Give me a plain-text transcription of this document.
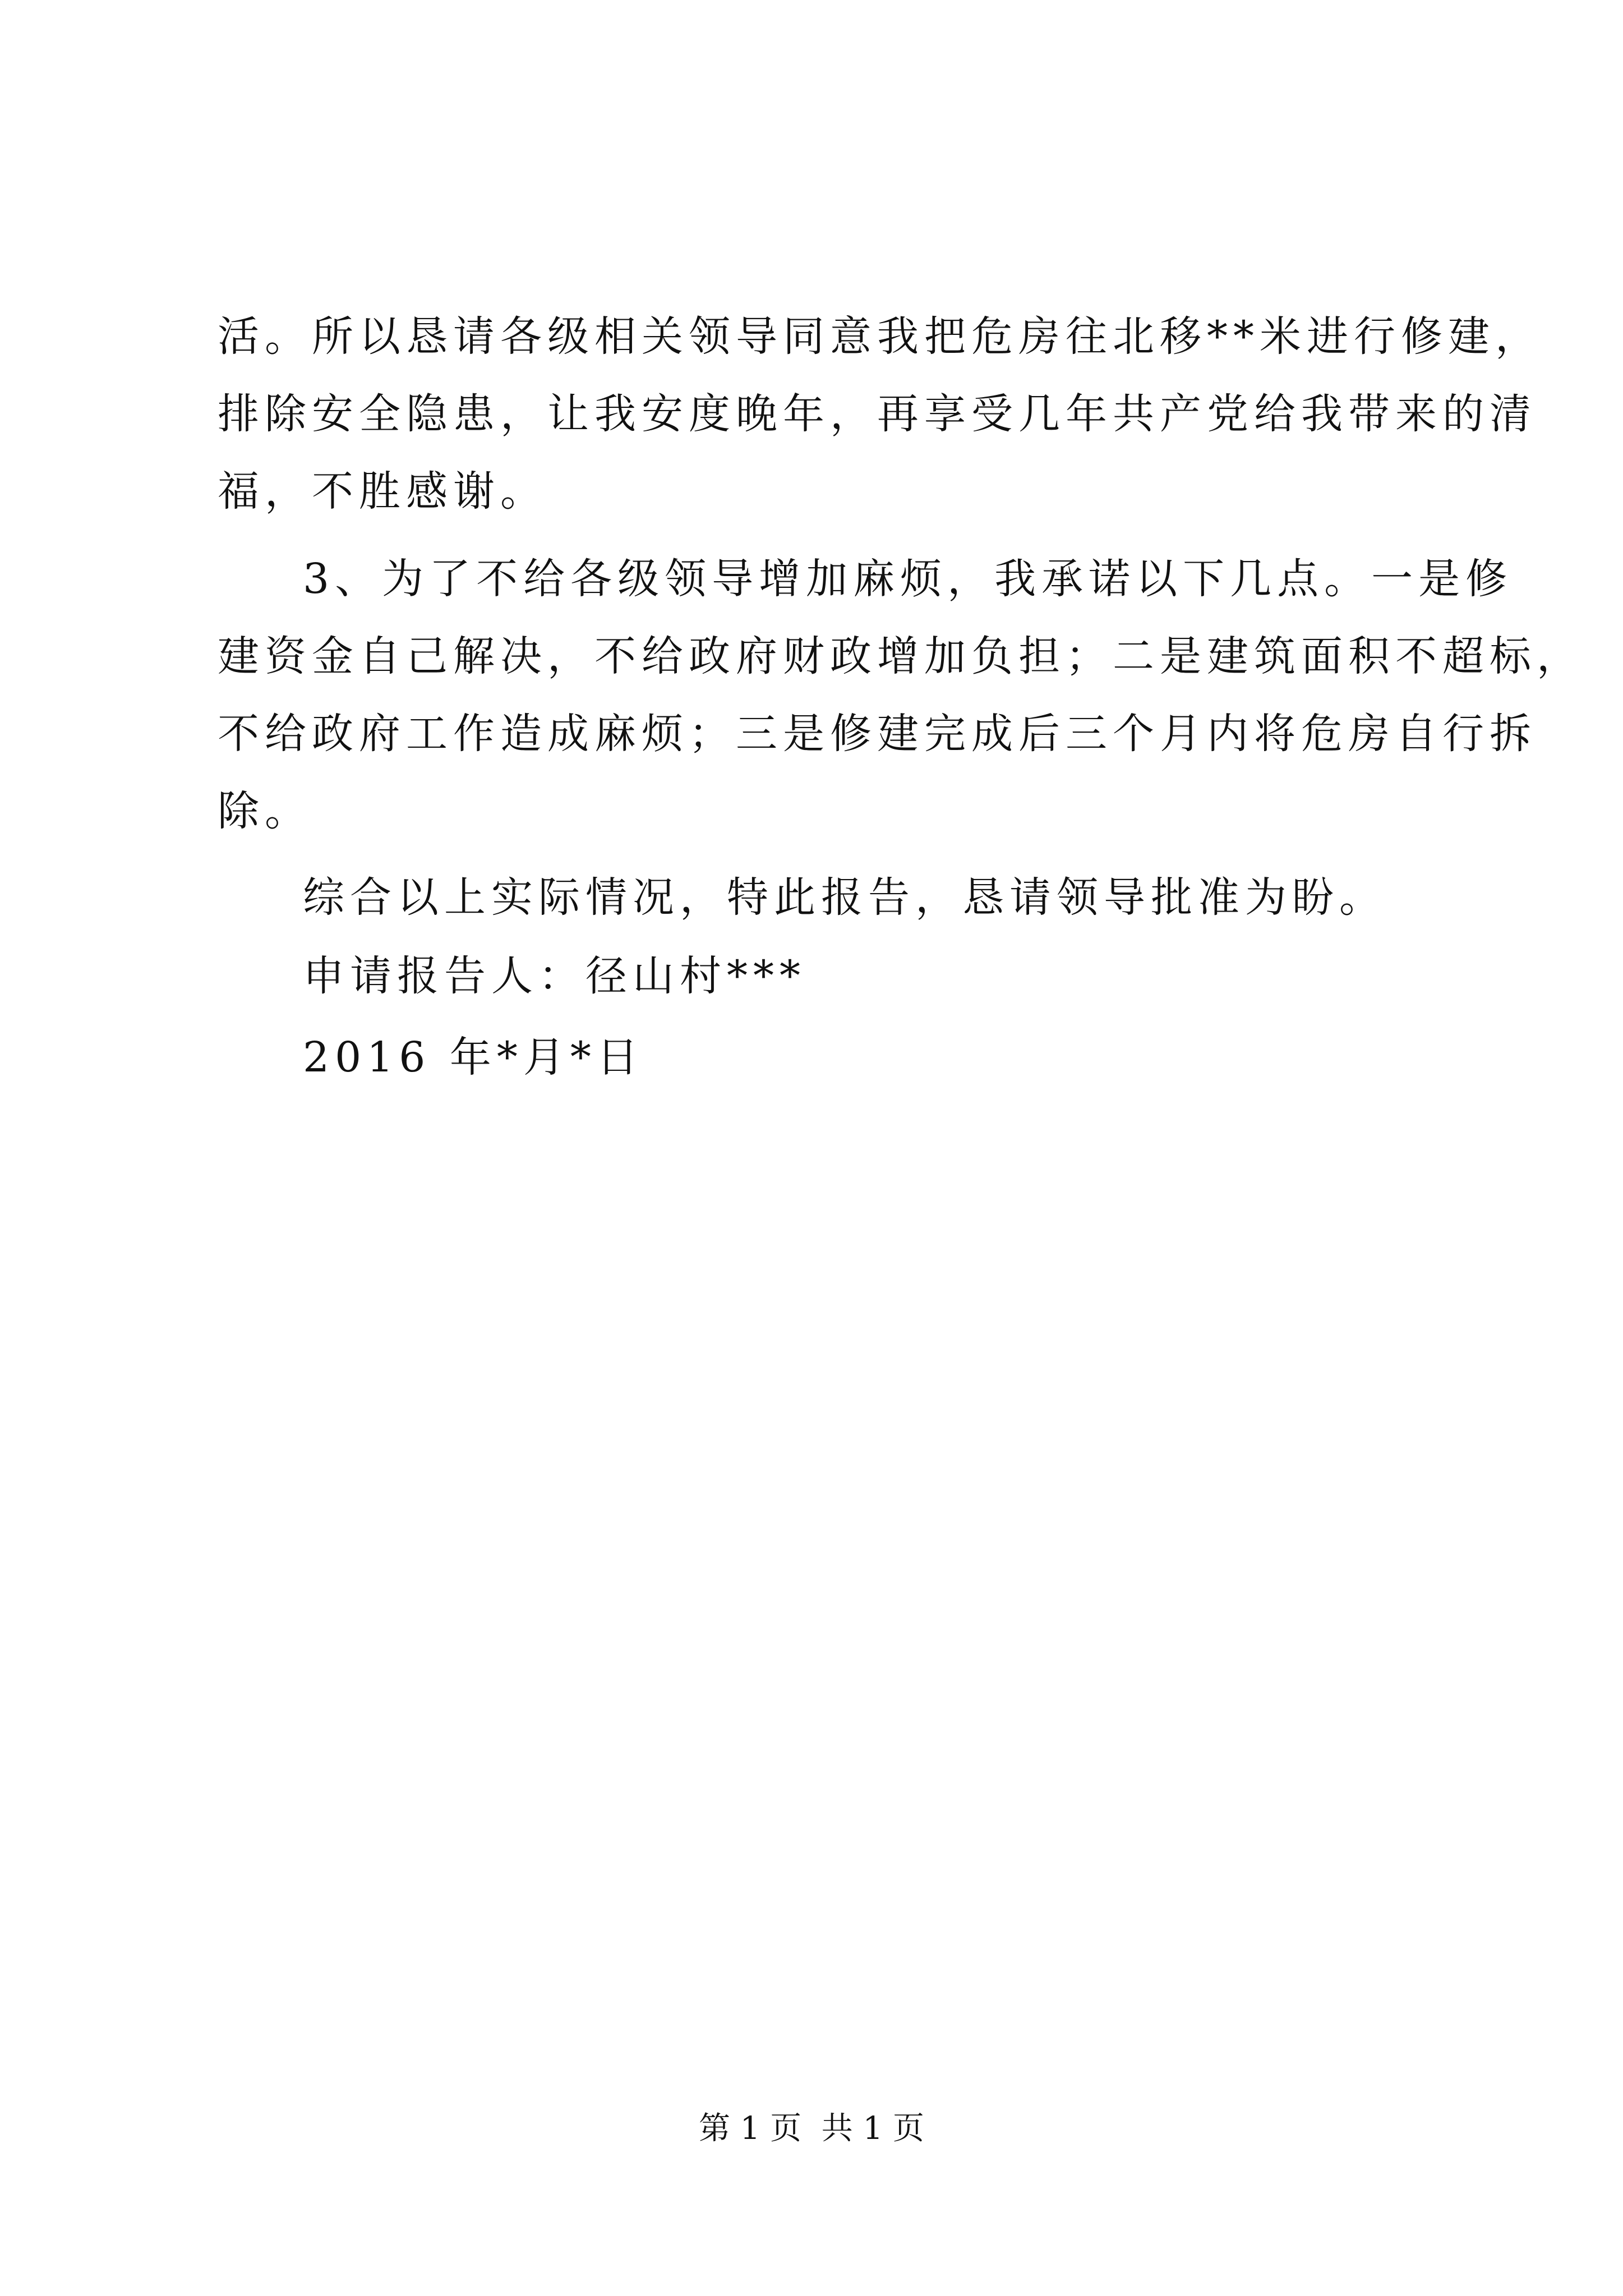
活。所以恳请各级相关领导同意我把危房往北移**米进行修建，
排除安全隐患，让我安度晚年，再享受几年共产党给我带来的清
福，不胜感谢。
3、为了不给各级领导增加麻烦，我承诺以下几点。一是修
建资金自己解决，不给政府财政增加负担；二是建筑面积不超标，
不给政府工作造成麻烦；三是修建完成后三个月内将危房自行拆
除。
综合以上实际情况，特此报告，恳请领导批准为盼。
申请报告人：径山村***
2016 年*月*日
第 1 页  共 1 页
